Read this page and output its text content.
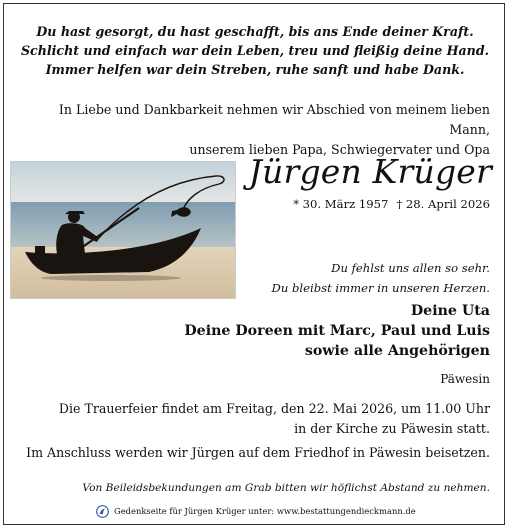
Du hast gesorgt, du hast geschafft, bis ans Ende deiner Kraft.
Schlicht und einfach war dein Leben, treu und fleißig deine Hand.
Immer helfen war dein Streben, ruhe sanft und habe Dank.
In Liebe und Dankbarkeit nehmen wir Abschied von meinem lieben Mann,
unserem lieben Papa, Schwiegervater und Opa
Jürgen Krüger
* 30. März 1957 † 28. April 2026
Du fehlst uns allen so sehr.
Du bleibst immer in unseren Herzen.
Deine Uta
Deine Doreen mit Marc, Paul und Luis
sowie alle Angehörigen
Päwesin
Die Trauerfeier findet am Freitag, den 22. Mai 2026, um 11.00 Uhr
in der Kirche zu Päwesin statt.
Im Anschluss werden wir Jürgen auf dem Friedhof in Päwesin beisetzen.
Von Beileidsbekundungen am Grab bitten wir höflichst Abstand zu nehmen.
Gedenkseite für Jürgen Krüger unter: www.bestattungendieckmann.de
